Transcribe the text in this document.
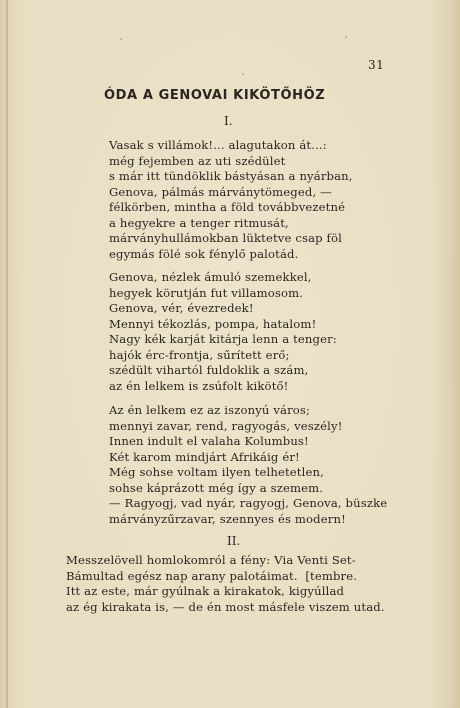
31
ÓDA A GENOVAI KIKÖTŐHÖZ
I.
Vasak s villámok!... alagutakon át...:
még fejemben az uti szédület
s már itt tündöklik bástyásan a nyárban,
Genova, pálmás márványtömeged, —
félkörben, mintha a föld továbbvezetné
a hegyekre a tenger ritmusát,
márványhullámokban lüktetve csap föl
egymás fölé sok fénylő palotád.
Genova, nézlek ámuló szemekkel,
hegyek körutján fut villamosom.
Genova, vér, évezredek!
Mennyi tékozlás, pompa, hatalom!
Nagy kék karját kitárja lenn a tenger:
hajók érc-frontja, sűrített erő;
szédült vihartól fuldoklik a szám,
az én lelkem is zsúfolt kikötő!
Az én lelkem ez az iszonyú város;
mennyi zavar, rend, ragyogás, veszély!
Innen indult el valaha Kolumbus!
Két karom mindjárt Afrikáig ér!
Még sohse voltam ilyen telhetetlen,
sohse káprázott még így a szemem.
— Ragyogj, vad nyár, ragyogj, Genova, büszke
márványzűrzavar, szennyes és modern!
II.
Messzelövell homlokomról a fény: Via Venti Set-
Bámultad egész nap arany palotáimat.  [tembre.
Itt az este, már gyúlnak a kirakatok, kigyúllad
az ég kirakata is, — de én most másfele viszem utad.
